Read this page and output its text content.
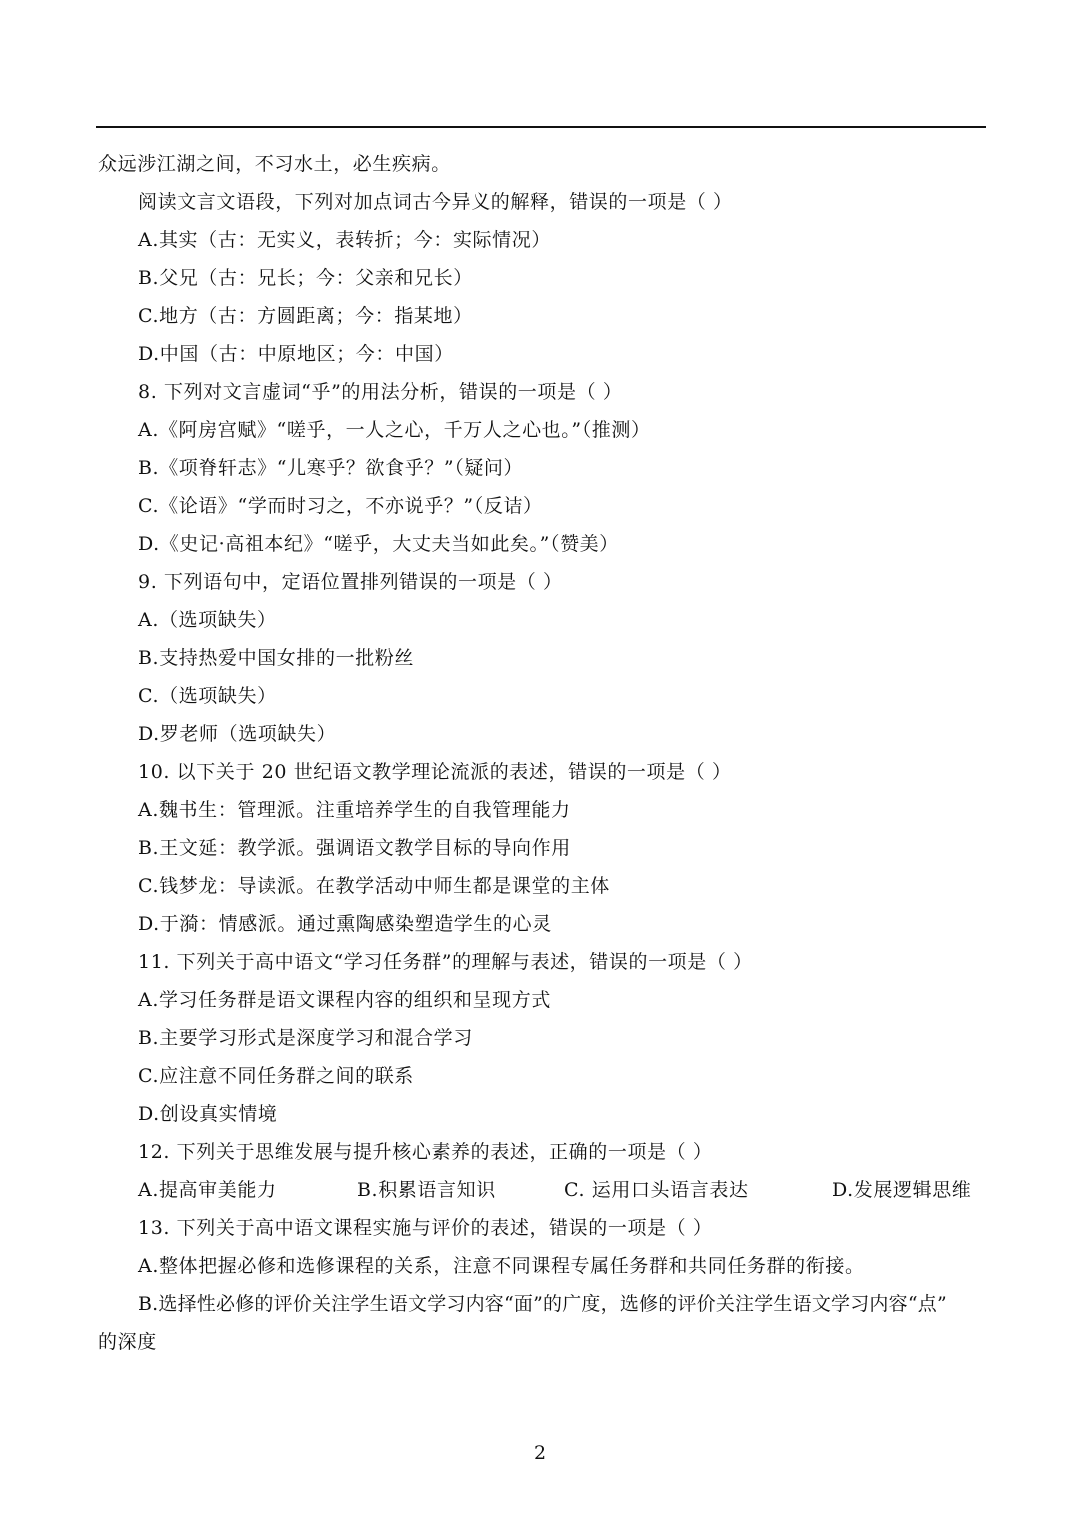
众远涉江湖之间，不习水土，必生疾病。
阅读文言文语段，下列对加点词古今异义的解释，错误的一项是（ ）
A.其实（古：无实义，表转折；今：实际情况）
B.父兄（古：兄长；今：父亲和兄长）
C.地方（古：方圆距离；今：指某地）
D.中国（古：中原地区；今：中国）
8. 下列对文言虚词“乎”的用法分析，错误的一项是（ ）
A.《阿房宫赋》“嗟乎，一人之心，千万人之心也。”（推测）
B.《项脊轩志》“儿寒乎？欲食乎？”（疑问）
C.《论语》“学而时习之，不亦说乎？”（反诘）
D.《史记·高祖本纪》“嗟乎，大丈夫当如此矣。”（赞美）
9. 下列语句中，定语位置排列错误的一项是（ ）
A.（选项缺失）
B.支持热爱中国女排的一批粉丝
C.（选项缺失）
D.罗老师（选项缺失）
10. 以下关于 20 世纪语文教学理论流派的表述，错误的一项是（ ）
A.魏书生：管理派。注重培养学生的自我管理能力
B.王文延：教学派。强调语文教学目标的导向作用
C.钱梦龙：导读派。在教学活动中师生都是课堂的主体
D.于漪：情感派。通过熏陶感染塑造学生的心灵
11. 下列关于高中语文“学习任务群”的理解与表述，错误的一项是（ ）
A.学习任务群是语文课程内容的组织和呈现方式
B.主要学习形式是深度学习和混合学习
C.应注意不同任务群之间的联系
D.创设真实情境
12. 下列关于思维发展与提升核心素养的表述，正确的一项是（ ）
A.提高审美能力	B.积累语言知识	C. 运用口头语言表达	D.发展逻辑思维
13. 下列关于高中语文课程实施与评价的表述，错误的一项是（ ）
A.整体把握必修和选修课程的关系，注意不同课程专属任务群和共同任务群的衔接。
B.选择性必修的评价关注学生语文学习内容“面”的广度，选修的评价关注学生语文学习内容“点”
的深度
2
